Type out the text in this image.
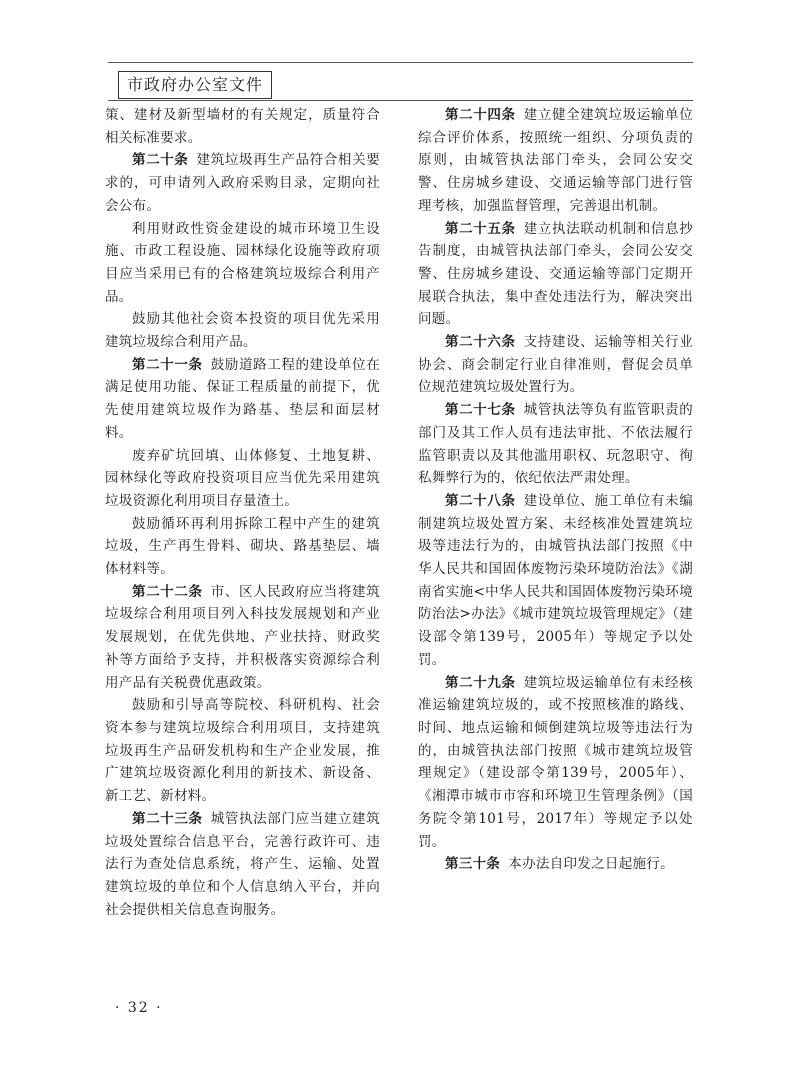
市政府办公室文件

策、建材及新型墙材的有关规定，质量符合相关标准要求。

第二十条 建筑垃圾再生产品符合相关要求的，可申请列入政府采购目录，定期向社会公布。

利用财政性资金建设的城市环境卫生设施、市政工程设施、园林绿化设施等政府项目应当采用已有的合格建筑垃圾综合利用产品。

鼓励其他社会资本投资的项目优先采用建筑垃圾综合利用产品。

第二十一条 鼓励道路工程的建设单位在满足使用功能、保证工程质量的前提下，优先使用建筑垃圾作为路基、垫层和面层材料。

废弃矿坑回填、山体修复、土地复耕、园林绿化等政府投资项目应当优先采用建筑垃圾资源化利用项目存量渣土。

鼓励循环再利用拆除工程中产生的建筑垃圾，生产再生骨料、砌块、路基垫层、墙体材料等。

第二十二条 市、区人民政府应当将建筑垃圾综合利用项目列入科技发展规划和产业发展规划，在优先供地、产业扶持、财政奖补等方面给予支持，并积极落实资源综合利用产品有关税费优惠政策。

鼓励和引导高等院校、科研机构、社会资本参与建筑垃圾综合利用项目，支持建筑垃圾再生产品研发机构和生产企业发展，推广建筑垃圾资源化利用的新技术、新设备、新工艺、新材料。

第二十三条 城管执法部门应当建立建筑垃圾处置综合信息平台，完善行政许可、违法行为查处信息系统，将产生、运输、处置建筑垃圾的单位和个人信息纳入平台，并向社会提供相关信息查询服务。

第二十四条 建立健全建筑垃圾运输单位综合评价体系，按照统一组织、分项负责的原则，由城管执法部门牵头，会同公安交警、住房城乡建设、交通运输等部门进行管理考核，加强监督管理，完善退出机制。

第二十五条 建立执法联动机制和信息抄告制度，由城管执法部门牵头，会同公安交警、住房城乡建设、交通运输等部门定期开展联合执法，集中查处违法行为，解决突出问题。

第二十六条 支持建设、运输等相关行业协会、商会制定行业自律准则，督促会员单位规范建筑垃圾处置行为。

第二十七条 城管执法等负有监管职责的部门及其工作人员有违法审批、不依法履行监管职责以及其他滥用职权、玩忽职守、徇私舞弊行为的，依纪依法严肃处理。

第二十八条 建设单位、施工单位有未编制建筑垃圾处置方案、未经核准处置建筑垃圾等违法行为的，由城管执法部门按照《中华人民共和国固体废物污染环境防治法》《湖南省实施<中华人民共和国固体废物污染环境防治法>办法》《城市建筑垃圾管理规定》（建设部令第139号，2005年）等规定予以处罚。

第二十九条 建筑垃圾运输单位有未经核准运输建筑垃圾的，或不按照核准的路线、时间、地点运输和倾倒建筑垃圾等违法行为的，由城管执法部门按照《城市建筑垃圾管理规定》（建设部令第139号，2005年）、《湘潭市城市市容和环境卫生管理条例》（国务院令第101号，2017年）等规定予以处罚。

第三十条 本办法自印发之日起施行。

· 32 ·
